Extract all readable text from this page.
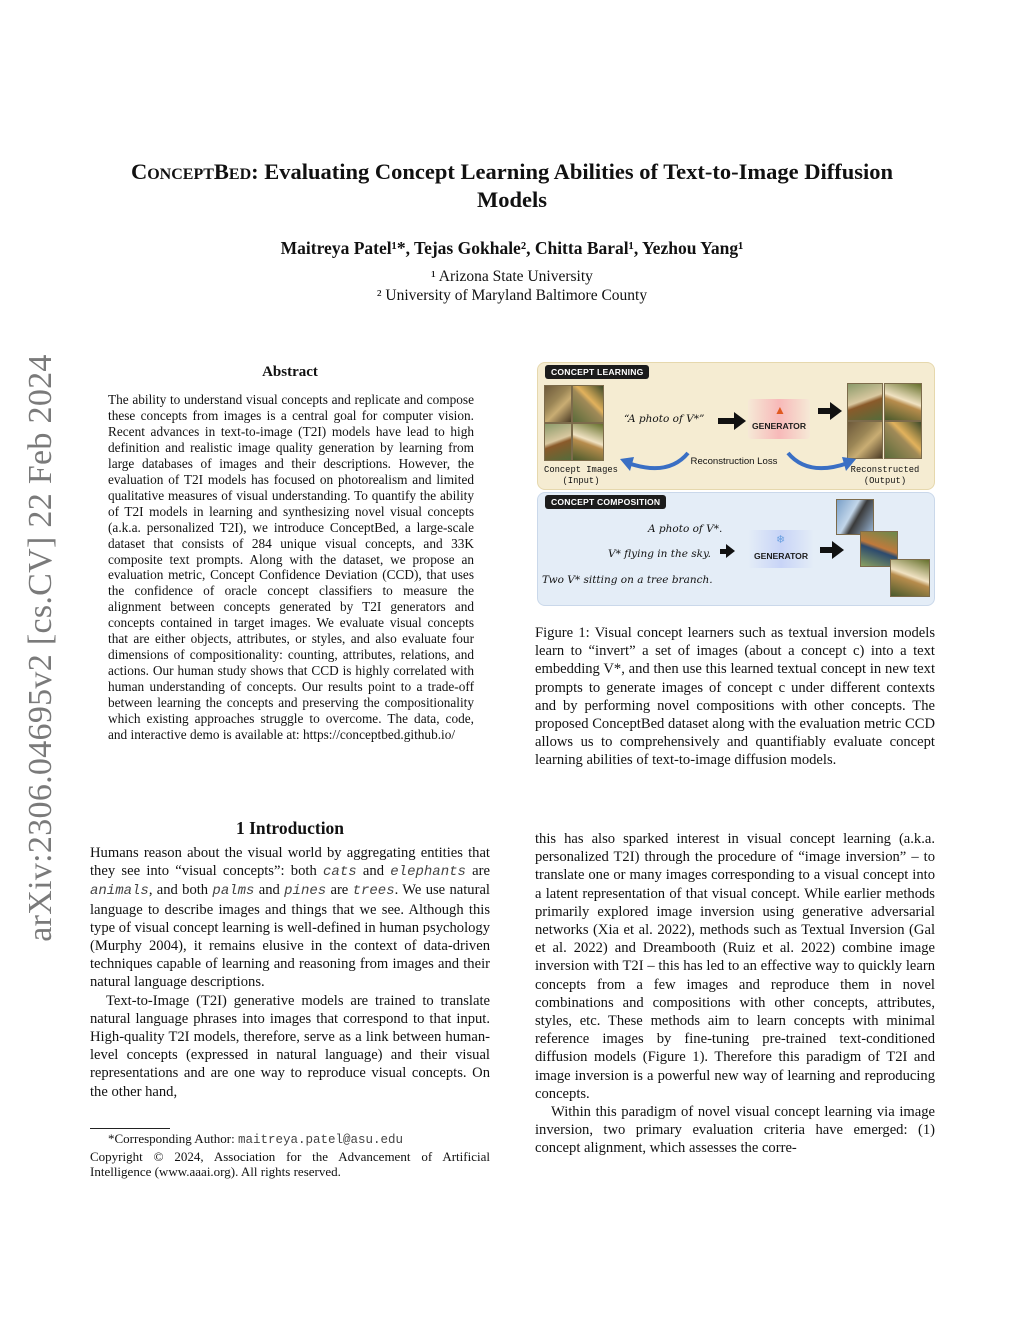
arXiv:2306.04695v2 [cs.CV] 22 Feb 2024
ConceptBed: Evaluating Concept Learning Abilities of Text-to-Image Diffusion
Models
Maitreya Patel¹*, Tejas Gokhale², Chitta Baral¹, Yezhou Yang¹
¹ Arizona State University
² University of Maryland Baltimore County
Abstract
The ability to understand visual concepts and replicate and compose these concepts from images is a central goal for computer vision. Recent advances in text-to-image (T2I) models have lead to high definition and realistic image quality generation by learning from large databases of images and their descriptions. However, the evaluation of T2I models has focused on photorealism and limited qualitative measures of visual understanding. To quantify the ability of T2I models in learning and synthesizing novel visual concepts (a.k.a. personalized T2I), we introduce ConceptBed, a large-scale dataset that consists of 284 unique visual concepts, and 33K composite text prompts. Along with the dataset, we propose an evaluation metric, Concept Confidence Deviation (CCD), that uses the confidence of oracle concept classifiers to measure the alignment between concepts generated by T2I generators and concepts contained in target images. We evaluate visual concepts that are either objects, attributes, or styles, and also evaluate four dimensions of compositionality: counting, attributes, relations, and actions. Our human study shows that CCD is highly correlated with human understanding of concepts. Our results point to a trade-off between learning the concepts and preserving the compositionality which existing approaches struggle to overcome. The data, code, and interactive demo is available at: https://conceptbed.github.io/
1 Introduction

Humans reason about the visual world by aggregating entities that they see into “visual concepts”: both cats and elephants are animals, and both palms and pines are trees. We use natural language to describe images and things that we see. Although this type of visual concept learning is well-defined in human psychology (Murphy 2004), it remains elusive in the context of data-driven techniques capable of learning and reasoning from images and their natural language descriptions.

Text-to-Image (T2I) generative models are trained to translate natural language phrases into images that correspond to that input. High-quality T2I models, therefore, serve as a link between human-level concepts (expressed in natural language) and their visual representations and are one way to reproduce visual concepts. On the other hand,

*Corresponding Author: maitreya.patel@asu.edu
Copyright © 2024, Association for the Advancement of Artificial Intelligence (www.aaai.org). All rights reserved.
CONCEPT LEARNING
“A photo of V*”
▲
GENERATOR
Reconstruction Loss
Concept Images
(Input)
Reconstructed
(Output)
CONCEPT COMPOSITION
A photo of V*.
V* flying in the sky.
Two V* sitting on a tree branch.
❄
GENERATOR
Figure 1: Visual concept learners such as textual inversion models learn to “invert” a set of images (about a concept c) into a text embedding V*, and then use this learned textual concept in new text prompts to generate images of concept c under different contexts and by performing novel compositions with other concepts. The proposed ConceptBed dataset along with the evaluation metric CCD allows us to comprehensively and quantifiably evaluate concept learning abilities of text-to-image diffusion models.

this has also sparked interest in visual concept learning (a.k.a. personalized T2I) through the procedure of “image inversion” – to translate one or many images corresponding to a visual concept into a latent representation of that visual concept. While earlier methods primarily explored image inversion using generative adversarial networks (Xia et al. 2022), methods such as Textual Inversion (Gal et al. 2022) and Dreambooth (Ruiz et al. 2022) combine image inversion with T2I – this has led to an effective way to quickly learn concepts from a few images and reproduce them in novel combinations and compositions with other concepts, attributes, styles, etc. These methods aim to learn concepts with minimal reference images by fine-tuning pre-trained text-conditioned diffusion models (Figure 1). Therefore this paradigm of T2I and image inversion is a powerful new way of learning and reproducing concepts.

Within this paradigm of novel visual concept learning via image inversion, two primary evaluation criteria have emerged: (1) concept alignment, which assesses the corre-
